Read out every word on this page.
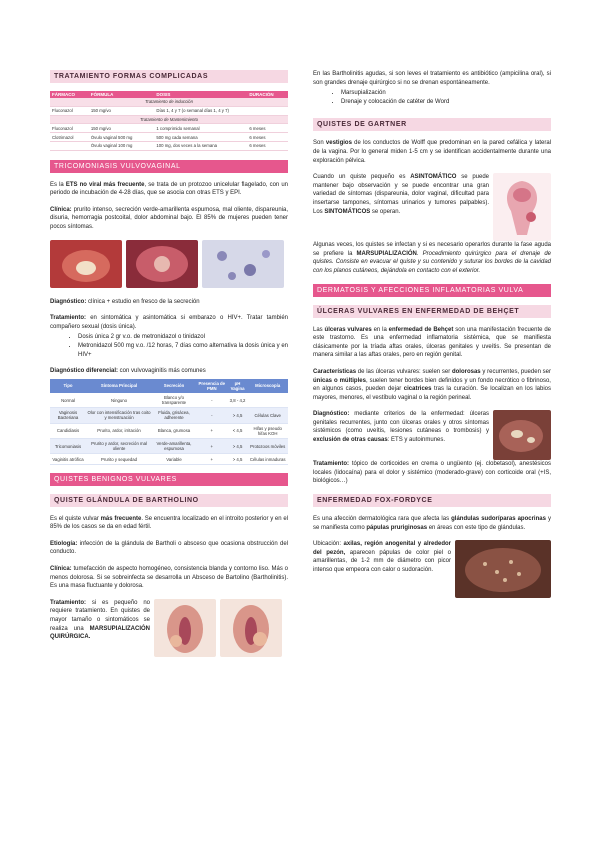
TRATAMIENTO FORMAS COMPLICADAS
FÁRMACO	FÓRMULA	DOSIS	DURACIÓN
Tratamiento de inducción			
Fluconazol	150 mg/vo	Días 1, 4 y 7 (o semanal días 1, 4 y 7)	
Tratamiento de Mantenimiento			
Fluconazol	150 mg/vo	1 comprimido semanal	6 meses
Clotrimazol	Óvulo vaginal 500 mg	500 mg cada semana	6 meses
	Óvulo vaginal 100 mg	100 mg, dos veces a la semana	6 meses
TRICOMONIASIS VULVOVAGINAL

Es la ETS no viral más frecuente, se trata de un protozoo unicelular flagelado, con un periodo de incubación de 4-28 días, que se asocia con otras ETS y EPI.

Clínica: prurito intenso, secreción verde-amarillenta espumosa, mal oliente, dispareunia, disuria, hemorragia postcoital, dolor abdominal bajo. El 85% de mujeres pueden tener pocos síntomas.

Diagnóstico: clínica + estudio en fresco de la secreción

Tratamiento: en sintomática y asintomática si embarazo o HIV+. Tratar también compañero sexual (dosis única).

• Dosis única 2 gr v.o. de metronidazol o tinidazol
• Metronidazol 500 mg v.o. /12 horas, 7 días como alternativa la dosis única y en HIV+

Diagnóstico diferencial: con vulvovaginitis más comunes

Tipo	Síntoma Principal	Secreción	Presencia de PMN	pH Vagina	Microscopía
Normal	Ninguno	Blanco y/o transparente	-	3,8 - 4,2	
Vaginosis Bacteriana	Olor con intensificación tras coito y menstruación	Fluida, grisácea, adherente	-	> 4,5	Células Clave
Candidiasis	Prurito, ardor, irritación	Blanca, grumosa	+	< 4,5	Hifas y pseudo hifas KOH
Tricomoniasis	Prurito y ardor, secreción mal oliente	Verde-amarillenta, espumosa	+	> 4,5	Protozoos móviles
Vaginitis atrófica	Prurito y sequedad	Variable	+	> 4,5	Células inmaduras
QUISTES BENIGNOS VULVARES
QUISTE GLÁNDULA DE BARTHOLINO

Es el quiste vulvar más frecuente. Se encuentra localizado en el introito posterior y en el 85% de los casos se da en edad fértil.

Etiología: infección de la glándula de Bartholi o absceso que ocasiona obstrucción del conducto.

Clínica: tumefacción de aspecto homogéneo, consistencia blanda y contorno liso. Más o menos dolorosa. Si se sobreinfecta se desarrolla un Absceso de Bartolino (Bartholinitis). Es una masa fluctuante y dolorosa.

Tratamiento: si es pequeño no requiere tratamiento. En quistes de mayor tamaño o sintomáticos se realiza una MARSUPIALIZACIÓN QUIRÚRGICA.

En las Bartholinitis agudas, si son leves el tratamiento es antibiótico (ampicilina oral), si son grandes drenaje quirúrgico si no se drenan espontáneamente.

• Marsupialización
• Drenaje y colocación de catéter de Word
QUISTES DE GARTNER

Son vestigios de los conductos de Wolff que predominan en la pared cefálica y lateral de la vagina. Por lo general miden 1-5 cm y se identifican accidentalmente durante una exploración pélvica.

Cuando un quiste pequeño es ASINTOMÁTICO se puede mantener bajo observación y se puede encontrar una gran variedad de síntomas (dispareunia, dolor vaginal, dificultad para insertarse tampones, síntomas urinarios y tumores palpables). Los SINTOMÁTICOS se operan.

Algunas veces, los quistes se infectan y si es necesario operarlos durante la fase aguda se prefiere la MARSUPIALIZACIÓN. Procedimiento quirúrgico para el drenaje de quistes. Consiste en evacuar el quiste y su contenido y suturar los bordes de la cavidad con los planos cutáneos, dejándola en contacto con el exterior.

DERMATOSIS Y AFECCIONES INFLAMATORIAS VULVA
ÚLCERAS VULVARES EN ENFERMEDAD DE BEHÇET

Las úlceras vulvares en la enfermedad de Behçet son una manifestación frecuente de este trastorno. Es una enfermedad inflamatoria sistémica, que se manifiesta clásicamente por la tríada aftas orales, úlceras genitales y uveítis. Se presentan de manera similar a las aftas orales, pero en región genital.

Características de las úlceras vulvares: suelen ser dolorosas y recurrentes, pueden ser únicas o múltiples, suelen tener bordes bien definidos y un fondo necrótico o fibrinoso, en algunos casos, pueden dejar cicatrices tras la curación. Se localizan en los labios mayores, menores, el vestíbulo vaginal o la región perineal.

Diagnóstico: mediante criterios de la enfermedad: úlceras genitales recurrentes, junto con úlceras orales y otros síntomas sistémicos (como uveítis, lesiones cutáneas o trombosis) y exclusión de otras causas: ETS y autoinmunes.

Tratamiento: tópico de corticoides en crema o ungüento (ej. clobetasol), anestésicos locales (lidocaína) para el dolor y sistémico (moderado-grave) con corticoide oral (+IS, biológicos…)

ENFERMEDAD FOX-FORDYCE

Es una afección dermatológica rara que afecta las glándulas sudoríparas apocrinas y se manifiesta como pápulas pruriginosas en áreas con este tipo de glándulas.

Ubicación: axilas, región anogenital y alrededor del pezón, aparecen pápulas de color piel o amarillentas, de 1-2 mm de diámetro con picor intenso que empeora con calor o sudoración.
